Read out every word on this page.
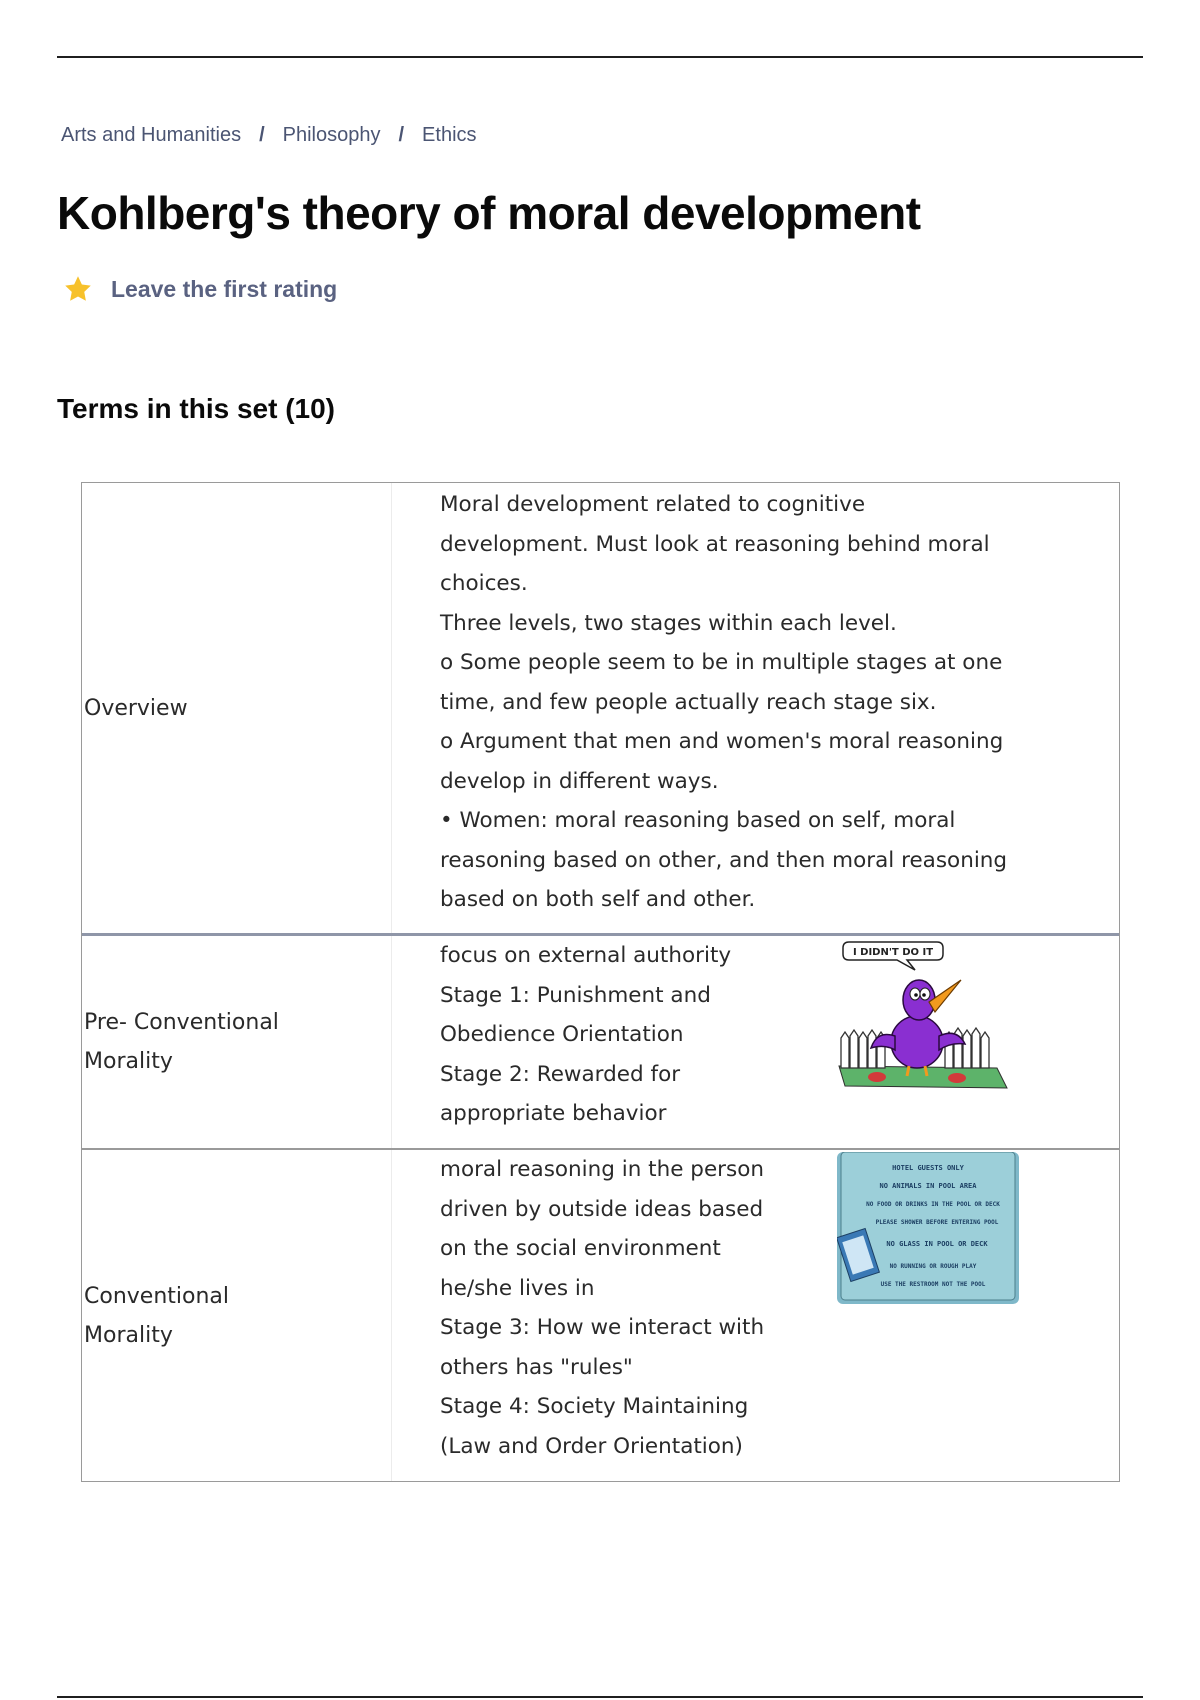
Arts and Humanities / Philosophy / Ethics
Kohlberg's theory of moral development
Leave the first rating
Terms in this set (10)
Overview
Moral development related to cognitive
development. Must look at reasoning behind moral
choices.
Three levels, two stages within each level.
o Some people seem to be in multiple stages at one
time, and few people actually reach stage six.
o Argument that men and women's moral reasoning
develop in different ways.
• Women: moral reasoning based on self, moral
reasoning based on other, and then moral reasoning
based on both self and other.
Pre- Conventional Morality
focus on external authority
Stage 1: Punishment and
Obedience Orientation
Stage 2: Rewarded for
appropriate behavior
I DIDN'T DO IT
Conventional Morality
moral reasoning in the person
driven by outside ideas based
on the social environment
he/she lives in
Stage 3: How we interact with
others has "rules"
Stage 4: Society Maintaining
(Law and Order Orientation)
HOTEL GUESTS ONLY
NO ANIMALS IN POOL AREA
NO FOOD OR DRINKS IN THE POOL OR DECK
PLEASE SHOWER BEFORE ENTERING POOL
NO GLASS IN POOL OR DECK
NO RUNNING OR ROUGH PLAY
USE THE RESTROOM NOT THE POOL
